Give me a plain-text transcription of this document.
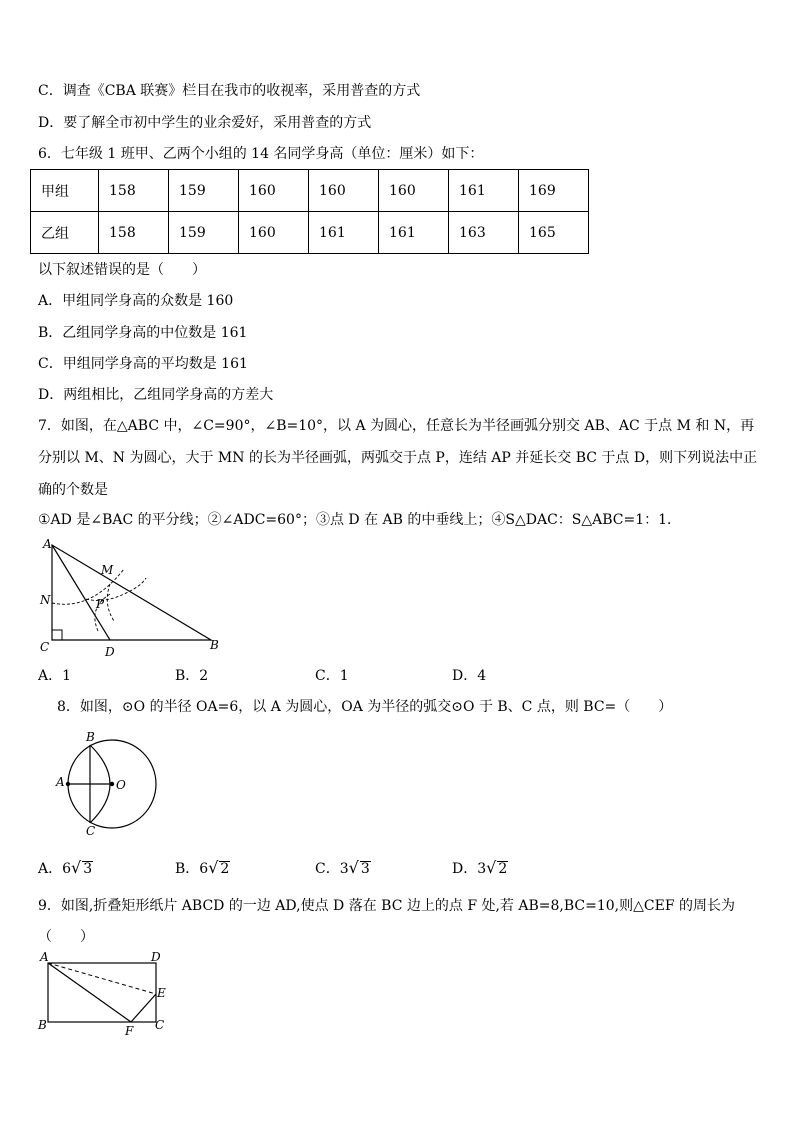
C．调查《CBA 联赛》栏目在我市的收视率，采用普查的方式
D．要了解全市初中学生的业余爱好，采用普查的方式
6．七年级 1 班甲、乙两个小组的 14 名同学身高（单位：厘米）如下：
甲组	158	159	160	160	160	161	169
乙组	158	159	160	161	161	163	165
以下叙述错误的是（　　）
A．甲组同学身高的众数是 160
B．乙组同学身高的中位数是 161
C．甲组同学身高的平均数是 161
D．两组相比，乙组同学身高的方差大
7．如图，在△ABC 中，∠C=90°，∠B=10°，以 A 为圆心，任意长为半径画弧分别交 AB、AC 于点 M 和 N，再分别以 M、N 为圆心，大于 MN 的长为半径画弧，两弧交于点 P，连结 AP 并延长交 BC 于点 D，则下列说法中正确的个数是
①AD 是∠BAC 的平分线；②∠ADC=60°；③点 D 在 AB 的中垂线上；④S△DAC：S△ABC=1：1．
A
M
N	P
C	D	B
A．1	B．2	C．1	D．4
8．如图，⊙O 的半径 OA=6，以 A 为圆心，OA 为半径的弧交⊙O 于 B、C 点，则 BC=（　　）
B
A	O
C
A．6√ 3	B．6√ 2	C．3√ 3	D．3√ 2
9．如图,折叠矩形纸片 ABCD 的一边 AD,使点 D 落在 BC 边上的点 F 处,若 AB=8,BC=10,则△CEF 的周长为
（　　）
A	D
E
B	F C
